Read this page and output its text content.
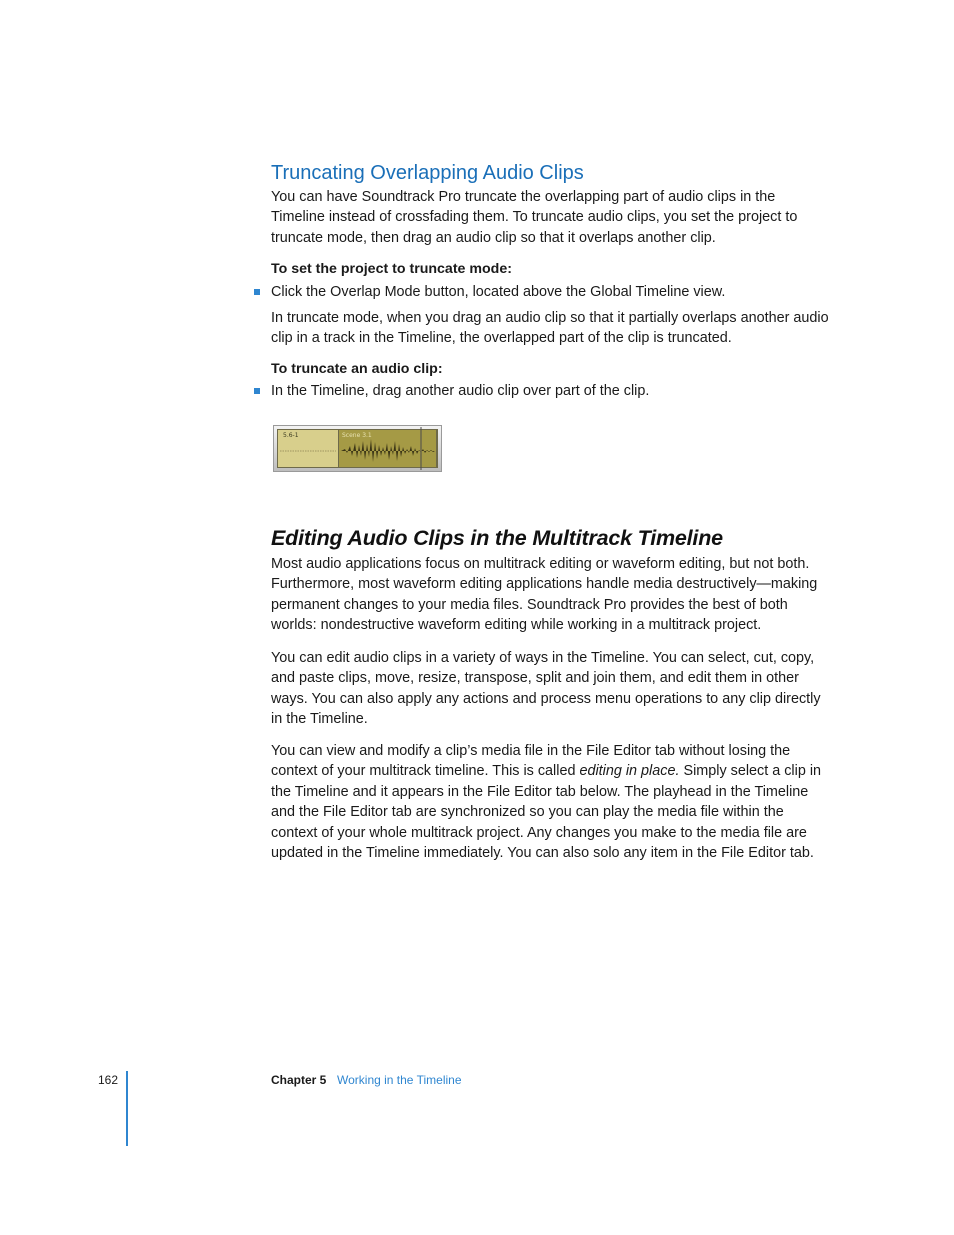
Truncating Overlapping Audio Clips

You can have Soundtrack Pro truncate the overlapping part of audio clips in the Timeline instead of crossfading them. To truncate audio clips, you set the project to truncate mode, then drag an audio clip so that it overlaps another clip.

To set the project to truncate mode:

Click the Overlap Mode button, located above the Global Timeline view.

In truncate mode, when you drag an audio clip so that it partially overlaps another audio clip in a track in the Timeline, the overlapped part of the clip is truncated.

To truncate an audio clip:

In the Timeline, drag another audio clip over part of the clip.

5.6-1	Scene 3.1
Editing Audio Clips in the Multitrack Timeline

Most audio applications focus on multitrack editing or waveform editing, but not both. Furthermore, most waveform editing applications handle media destructively—making permanent changes to your media files. Soundtrack Pro provides the best of both worlds: nondestructive waveform editing while working in a multitrack project.

You can edit audio clips in a variety of ways in the Timeline. You can select, cut, copy, and paste clips, move, resize, transpose, split and join them, and edit them in other ways. You can also apply any actions and process menu operations to any clip directly in the Timeline.

You can view and modify a clip’s media file in the File Editor tab without losing the context of your multitrack timeline. This is called editing in place. Simply select a clip in the Timeline and it appears in the File Editor tab below. The playhead in the Timeline and the File Editor tab are synchronized so you can play the media file within the context of your whole multitrack project. Any changes you make to the media file are updated in the Timeline immediately. You can also solo any item in the File Editor tab.

162	Chapter 5 Working in the Timeline
